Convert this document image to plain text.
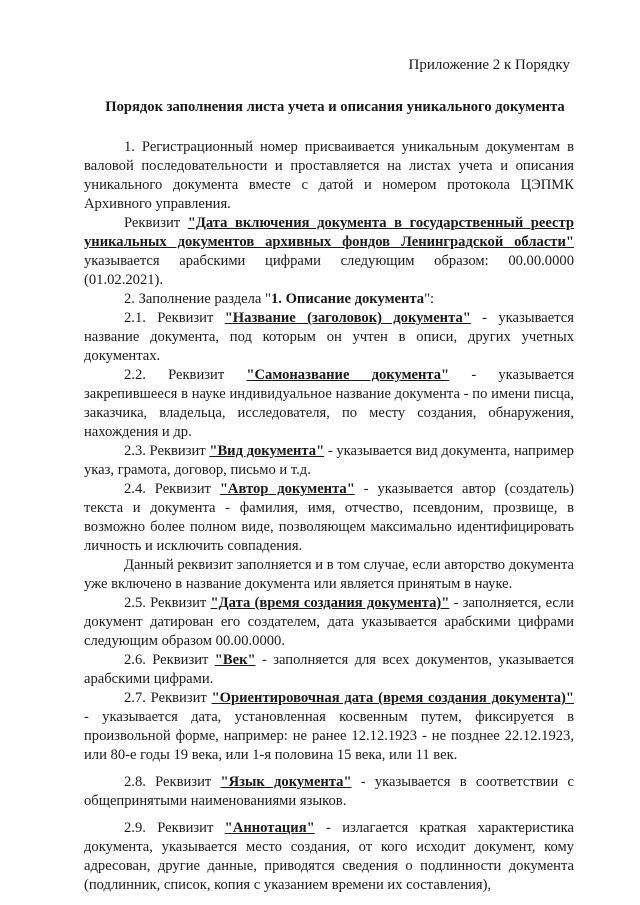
Приложение 2 к Порядку
Порядок заполнения листа учета и описания уникального документа

1. Регистрационный номер присваивается уникальным документам в валовой последовательности и проставляется на листах учета и описания уникального документа вместе с датой и номером протокола ЦЭПМК Архивного управления.

Реквизит "Дата включения документа в государственный реестр уникальных документов архивных фондов Ленинградской области" указывается арабскими цифрами следующим образом: 00.00.0000 (01.02.2021).

2. Заполнение раздела "1. Описание документа":

2.1. Реквизит "Название (заголовок) документа" - указывается название документа, под которым он учтен в описи, других учетных документах.

2.2. Реквизит "Самоназвание документа" - указывается закрепившееся в науке индивидуальное название документа - по имени писца, заказчика, владельца, исследователя, по месту создания, обнаружения, нахождения и др.

2.3. Реквизит "Вид документа" - указывается вид документа, например указ, грамота, договор, письмо и т.д.

2.4. Реквизит "Автор документа" - указывается автор (создатель) текста и документа - фамилия, имя, отчество, псевдоним, прозвище, в возможно более полном виде, позволяющем максимально идентифицировать личность и исключить совпадения.

Данный реквизит заполняется и в том случае, если авторство документа уже включено в название документа или является принятым в науке.

2.5. Реквизит "Дата (время создания документа)" - заполняется, если документ датирован его создателем, дата указывается арабскими цифрами следующим образом 00.00.0000.

2.6. Реквизит "Век" - заполняется для всех документов, указывается арабскими цифрами.

2.7. Реквизит "Ориентировочная дата (время создания документа)" - указывается дата, установленная косвенным путем, фиксируется в произвольной форме, например: не ранее 12.12.1923 - не позднее 22.12.1923, или 80-е годы 19 века, или 1-я половина 15 века, или 11 век.

2.8. Реквизит "Язык документа" - указывается в соответствии с общепринятыми наименованиями языков.

2.9. Реквизит "Аннотация" - излагается краткая характеристика документа, указывается место создания, от кого исходит документ, кому адресован, другие данные, приводятся сведения о подлинности документа (подлинник, список, копия с указанием времени их составления),
